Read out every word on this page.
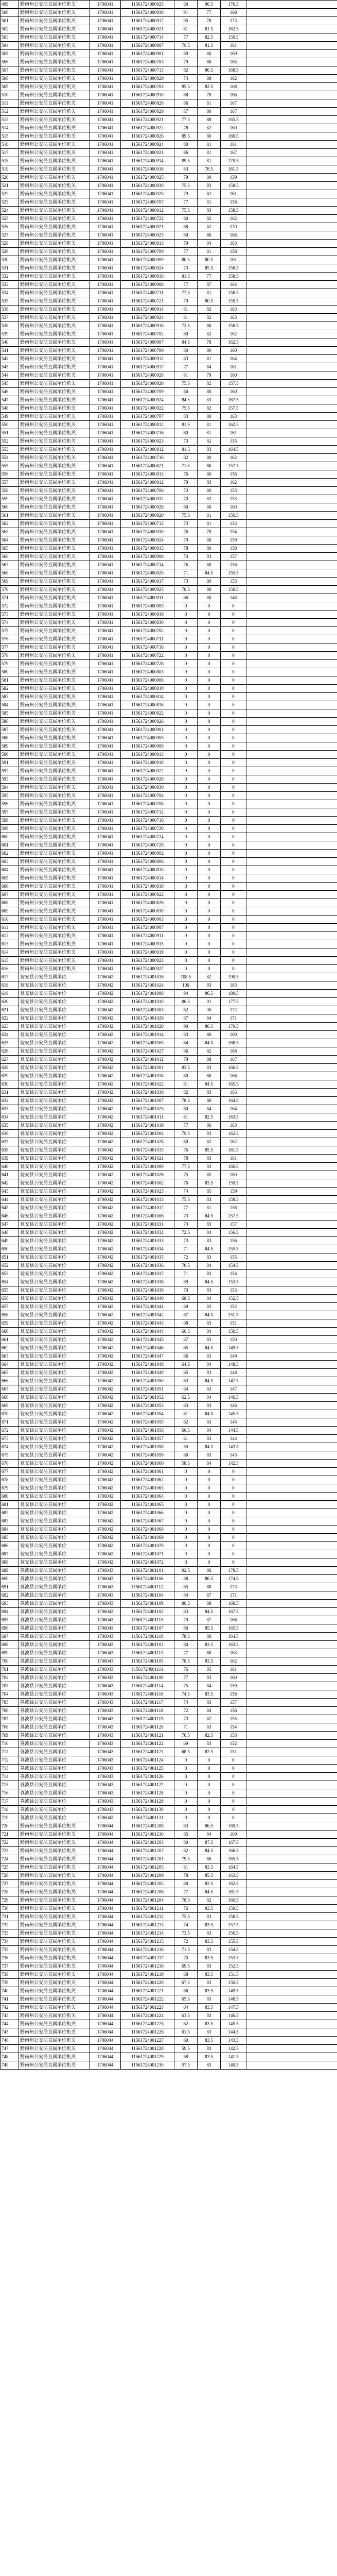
499	黔南州公安局直属单位机关	1706041	11561724000925	80	96.5	176.5	
500	黔南州公安局直属单位机关	1706041	11561724000938	91	77	168	
501	黔南州公安局直属单位机关	1706041	11561724000917	95	78	173	
502	黔南州公安局直属单位机关	1706041	11561724000921	81	81.5	162.5	
503	黔南州公安局直属单位机关	1706041	11561724000714	77	82.5	159.5	
504	黔南州公安局直属单位机关	1706041	11561724000907	79.5	81.5	161	
505	黔南州公安局直属单位机关	1706041	11561724000901	89	80	169	
506	黔南州公安局直属单位机关	1706041	11561724000703	79	86	165	
507	黔南州公安局直属单位机关	1706041	11561724000713	82	86.5	168.5	
508	黔南州公安局直属单位机关	1706041	11561724000829	74	88	162	
509	黔南州公安局直属单位机关	1706041	11561724000703	85.5	82.5	168	
510	黔南州公安局直属单位机关	1706041	11561724000910	88	78	166	
511	黔南州公安局直属单位机关	1706041	11561724000828	86	81	167	
512	黔南州公安局直属单位机关	1706041	11561724000829	87	80	167	
513	黔南州公安局直属单位机关	1706041	11561724000921	77.5	88	165.5	
514	黔南州公安局直属单位机关	1706041	11561724000922	78	82	160	
515	黔南州公安局直属单位机关	1706041	11561724000826	89.5	80	169.5	
516	黔南州公安局直属单位机关	1706041	11561724000924	80	81	161	
517	黔南州公安局直属单位机关	1706041	11561724000921	86	81	167	
518	黔南州公安局直属单位机关	1706041	11561724000914	89.5	81	170.5	
519	黔南州公安局直属单位机关	1706041	11561724000918	83	78.5	161.5	
520	黔南州公安局直属单位机关	1706041	11561724000825	79	80	159	
521	黔南州公安局直属单位机关	1706041	11561724000930	75.5	83	158.5	
522	黔南州公安局直属单位机关	1706041	11561724000920	79	82	161	
523	黔南州公安局直属单位机关	1706041	11561724000707	77	81	158	
524	黔南州公安局直属单位机关	1706041	11561724000912	75.5	83	158.5	
525	黔南州公安局直属单位机关	1706041	11561724000722	80	82	162	
526	黔南州公安局直属单位机关	1706041	11561724000921	88	82	170	
527	黔南州公安局直属单位机关	1706041	11561724000923	80	86	166	
528	黔南州公安局直属单位机关	1706041	11561724000913	79	84	163	
529	黔南州公安局直属单位机关	1706041	11561724000709	77	81	158	
530	黔南州公安局直属单位机关	1706041	11561724000909	80.5	80.5	161	
531	黔南州公安局直属单位机关	1706041	11561724000924	73	85.5	158.5	
532	黔南州公安局直属单位机关	1706041	11561724000916	81.5	77	158.5	
533	黔南州公安局直属单位机关	1706041	11561724000908	77	87	164	
534	黔南州公安局直属单位机关	1706041	11561724000711	77.5	81	158.5	
535	黔南州公安局直属单位机关	1706041	11561724000721	79	80.5	159.5	
536	黔南州公安局直属单位机关	1706041	11561724000914	81	82	163	
537	黔南州公安局直属单位机关	1706041	11561724000924	81	82	163	
538	黔南州公安局直属单位机关	1706041	11561724000916	72.5	86	158.5	
539	黔南州公安局直属单位机关	1706041	11561724000702	80	82	162	
540	黔南州公安局直属单位机关	1706041	11561724000907	84.5	78	162.5	
541	黔南州公安局直属单位机关	1706041	11561724000709	80	80	160	
542	黔南州公安局直属单位机关	1706041	11561724000912	83	81	164	
543	黔南州公安局直属单位机关	1706041	11561724000917	77	84	161	
544	黔南州公安局直属单位机关	1706041	11561724000928	81	79	160	
545	黔南州公安局直属单位机关	1706041	11561724000920	75.5	82	157.5	
546	黔南州公安局直属单位机关	1706041	11561724000709	80	80	160	
547	黔南州公安局直属单位机关	1706041	11561724000924	84.5	83	167.5	
548	黔南州公安局直属单位机关	1706041	11561724000922	75.5	82	157.5	
549	黔南州公安局直属单位机关	1706041	11561724000707	83	80	163	
550	黔南州公安局直属单位机关	1706041	11561724000812	81.5	81	162.5	
551	黔南州公安局直属单位机关	1706041	11561724000716	80	81	161	
552	黔南州公安局直属单位机关	1706041	11561724000923	73	82	155	
553	黔南州公安局直属单位机关	1706041	11561724000812	81.5	83	164.5	
554	黔南州公安局直属单位机关	1706041	11561724000716	82	80	162	
555	黔南州公安局直属单位机关	1706041	11561724000821	71.5	86	157.5	
556	黔南州公安局直属单位机关	1706041	11561724000813	76	80	156	
557	黔南州公安局直属单位机关	1706041	11561724000912	79	83	162	
558	黔南州公安局直属单位机关	1706041	11561724000706	73	80	153	
559	黔南州公安局直属单位机关	1706041	11561724000932	70	83	153	
560	黔南州公安局直属单位机关	1706041	11561724000926	80	80	160	
561	黔南州公安局直属单位机关	1706041	11561724000920	75.5	81	156.5	
562	黔南州公安局直属单位机关	1706041	11561724000712	73	81	154	
563	黔南州公安局直属单位机关	1706041	11561724000930	76	78	154	
564	黔南州公安局直属单位机关	1706041	11561724000924	79	80	159	
565	黔南州公安局直属单位机关	1706041	11561724000915	78	80	158	
566	黔南州公安局直属单位机关	1706041	11561724000908	74	83	157	
567	黔南州公安局直属单位机关	1706041	11561724000714	76	80	156	
568	黔南州公安局直属单位机关	1706041	11561724000820	71	84.5	155.5	
569	黔南州公安局直属单位机关	1706041	11561724000817	73	80	153	
570	黔南州公安局直属单位机关	1706041	11561724000925	70.5	80	150.5	
571	黔南州公安局直属单位机关	1706041	11561724000911	66	80	146	
572	黔南州公安局直属单位机关	1706041	11561724000905	0	0	0	
573	黔南州公安局直属单位机关	1706041	11561724000819	0	0	0	
574	黔南州公安局直属单位机关	1706041	11561724000830	0	0	0	
575	黔南州公安局直属单位机关	1706041	11561724000702	0	0	0	
576	黔南州公安局直属单位机关	1706041	11561724000711	0	0	0	
577	黔南州公安局直属单位机关	1706041	11561724000716	0	0	0	
578	黔南州公安局直属单位机关	1706041	11561724000722	0	0	0	
579	黔南州公安局直属单位机关	1706041	11561724000728	0	0	0	
580	黔南州公安局直属单位机关	1706041	11561724000803	0	0	0	
581	黔南州公安局直属单位机关	1706041	11561724000808	0	0	0	
582	黔南州公安局直属单位机关	1706041	11561724000810	0	0	0	
583	黔南州公安局直属单位机关	1706041	11561724000814	0	0	0	
584	黔南州公安局直属单位机关	1706041	11561724000818	0	0	0	
585	黔南州公安局直属单位机关	1706041	11561724000822	0	0	0	
586	黔南州公安局直属单位机关	1706041	11561724000826	0	0	0	
587	黔南州公安局直属单位机关	1706041	11561724000901	0	0	0	
588	黔南州公安局直属单位机关	1706041	11561724000905	0	0	0	
589	黔南州公安局直属单位机关	1706041	11561724000909	0	0	0	
590	黔南州公安局直属单位机关	1706041	11561724000913	0	0	0	
591	黔南州公安局直属单位机关	1706041	11561724000918	0	0	0	
592	黔南州公安局直属单位机关	1706041	11561724000922	0	0	0	
593	黔南州公安局直属单位机关	1706041	11561724000926	0	0	0	
594	黔南州公安局直属单位机关	1706041	11561724000930	0	0	0	
595	黔南州公安局直属单位机关	1706041	11561724000704	0	0	0	
596	黔南州公安局直属单位机关	1706041	11561724000708	0	0	0	
597	黔南州公安局直属单位机关	1706041	11561724000712	0	0	0	
598	黔南州公安局直属单位机关	1706041	11561724000716	0	0	0	
599	黔南州公安局直属单位机关	1706041	11561724000720	0	0	0	
600	黔南州公安局直属单位机关	1706041	11561724000724	0	0	0	
601	黔南州公安局直属单位机关	1706041	11561724000728	0	0	0	
602	黔南州公安局直属单位机关	1706041	11561724000802	0	0	0	
603	黔南州公安局直属单位机关	1706041	11561724000806	0	0	0	
604	黔南州公安局直属单位机关	1706041	11561724000810	0	0	0	
605	黔南州公安局直属单位机关	1706041	11561724000814	0	0	0	
606	黔南州公安局直属单位机关	1706041	11561724000818	0	0	0	
607	黔南州公安局直属单位机关	1706041	11561724000822	0	0	0	
608	黔南州公安局直属单位机关	1706041	11561724000826	0	0	0	
609	黔南州公安局直属单位机关	1706041	11561724000830	0	0	0	
610	黔南州公安局直属单位机关	1706041	11561724000903	0	0	0	
611	黔南州公安局直属单位机关	1706041	11561724000907	0	0	0	
612	黔南州公安局直属单位机关	1706041	11561724000911	0	0	0	
613	黔南州公安局直属单位机关	1706041	11561724000915	0	0	0	
614	黔南州公安局直属单位机关	1706041	11561724000919	0	0	0	
615	黔南州公安局直属单位机关	1706041	11561724000923	0	0	0	
616	黔南州公安局直属单位机关	1706041	11561724000927	0	0	0	
617	瓮安县公安局直属单位	1706042	11561724001016	108.5	82	190.5	
618	瓮安县公安局直属单位	1706042	11561724001024	100	83	183	
619	瓮安县公安局直属单位	1706042	11561724001008	94	86.5	180.5	
620	瓮安县公安局直属单位	1706042	11561724001010	86.5	91	177.5	
621	瓮安县公安局直属单位	1706042	11561724001003	82	90	172	
622	瓮安县公安局直属单位	1706042	11561724001029	87	84	171	
623	瓮安县公安局直属单位	1706042	11561724001020	90	80.5	170.5	
624	瓮安县公安局直属单位	1706042	11561724001014	83	86	169	
625	瓮安县公安局直属单位	1706042	11561724001005	84	84.5	168.5	
626	瓮安县公安局直属单位	1706042	11561724001027	86	82	168	
627	瓮安县公安局直属单位	1706042	11561724001012	79	88	167	
628	瓮安县公安局直属单位	1706042	11561724001001	83.5	83	166.5	
629	瓮安县公安局直属单位	1706042	11561724001018	80	86	166	
630	瓮安县公安局直属单位	1706042	11561724001022	81	84.5	165.5	
631	瓮安县公安局直属单位	1706042	11561724001030	82	83	165	
632	瓮安县公安局直属单位	1706042	11561724001007	78.5	86	164.5	
633	瓮安县公安局直属单位	1706042	11561724001025	80	84	164	
634	瓮安县公安局直属单位	1706042	11561724001011	81	82.5	163.5	
635	瓮安县公安局直属单位	1706042	11561724001019	77	86	163	
636	瓮安县公安局直属单位	1706042	11561724001004	79.5	83	162.5	
637	瓮安县公安局直属单位	1706042	11561724001028	80	82	162	
638	瓮安县公安局直属单位	1706042	11561724001015	76	85.5	161.5	
639	瓮安县公安局直属单位	1706042	11561724001021	78	83	161	
640	瓮安县公安局直属单位	1706042	11561724001009	77.5	83	160.5	
641	瓮安县公安局直属单位	1706042	11561724001026	75	85	160	
642	瓮安县公安局直属单位	1706042	11561724001002	76	83.5	159.5	
643	瓮安县公安局直属单位	1706042	11561724001023	74	85	159	
644	瓮安县公安局直属单位	1706042	11561724001013	75.5	83	158.5	
645	瓮安县公安局直属单位	1706042	11561724001017	77	81	158	
646	瓮安县公安局直属单位	1706042	11561724001006	73	84.5	157.5	
647	瓮安县公安局直属单位	1706042	11561724001031	74	83	157	
648	瓮安县公安局直属单位	1706042	11561724001032	72.5	84	156.5	
649	瓮安县公安局直属单位	1706042	11561724001033	73	83	156	
650	瓮安县公安局直属单位	1706042	11561724001034	71	84.5	155.5	
651	瓮安县公安局直属单位	1706042	11561724001035	72	83	155	
652	瓮安县公安局直属单位	1706042	11561724001036	70.5	84	154.5	
653	瓮安县公安局直属单位	1706042	11561724001037	71	83	154	
654	瓮安县公安局直属单位	1706042	11561724001038	69	84.5	153.5	
655	瓮安县公安局直属单位	1706042	11561724001039	70	83	153	
656	瓮安县公安局直属单位	1706042	11561724001040	68.5	84	152.5	
657	瓮安县公安局直属单位	1706042	11561724001041	69	83	152	
658	瓮安县公安局直属单位	1706042	11561724001042	67	84.5	151.5	
659	瓮安县公安局直属单位	1706042	11561724001043	68	83	151	
660	瓮安县公安局直属单位	1706042	11561724001044	66.5	84	150.5	
661	瓮安县公安局直属单位	1706042	11561724001045	67	83	150	
662	瓮安县公安局直属单位	1706042	11561724001046	65	84.5	149.5	
663	瓮安县公安局直属单位	1706042	11561724001047	66	83	149	
664	瓮安县公安局直属单位	1706042	11561724001048	64.5	84	148.5	
665	瓮安县公安局直属单位	1706042	11561724001049	65	83	148	
666	瓮安县公安局直属单位	1706042	11561724001050	63	84.5	147.5	
667	瓮安县公安局直属单位	1706042	11561724001051	64	83	147	
668	瓮安县公安局直属单位	1706042	11561724001052	62.5	84	146.5	
669	瓮安县公安局直属单位	1706042	11561724001053	63	83	146	
670	瓮安县公安局直属单位	1706042	11561724001054	61	84.5	145.5	
671	瓮安县公安局直属单位	1706042	11561724001055	62	83	145	
672	瓮安县公安局直属单位	1706042	11561724001056	60.5	84	144.5	
673	瓮安县公安局直属单位	1706042	11561724001057	61	83	144	
674	瓮安县公安局直属单位	1706042	11561724001058	59	84.5	143.5	
675	瓮安县公安局直属单位	1706042	11561724001059	60	83	143	
676	瓮安县公安局直属单位	1706042	11561724001060	58.5	84	142.5	
677	瓮安县公安局直属单位	1706042	11561724001061	0	0	0	
678	瓮安县公安局直属单位	1706042	11561724001062	0	0	0	
679	瓮安县公安局直属单位	1706042	11561724001063	0	0	0	
680	瓮安县公安局直属单位	1706042	11561724001064	0	0	0	
681	瓮安县公安局直属单位	1706042	11561724001065	0	0	0	
682	瓮安县公安局直属单位	1706042	11561724001066	0	0	0	
683	瓮安县公安局直属单位	1706042	11561724001067	0	0	0	
684	瓮安县公安局直属单位	1706042	11561724001068	0	0	0	
685	瓮安县公安局直属单位	1706042	11561724001069	0	0	0	
686	瓮安县公安局直属单位	1706042	11561724001070	0	0	0	
687	瓮安县公安局直属单位	1706042	11561724001071	0	0	0	
688	瓮安县公安局直属单位	1706042	11561724001072	0	0	0	
689	荔波县公安局直属单位	1706043	11561724001101	92.5	86	178.5	
690	荔波县公安局直属单位	1706043	11561724001106	88	86.5	174.5	
691	荔波县公安局直属单位	1706043	11561724001112	85	88	173	
692	荔波县公安局直属单位	1706043	11561724001104	84	87	171	
693	荔波县公安局直属单位	1706043	11561724001109	80.5	88	168.5	
694	荔波县公安局直属单位	1706043	11561724001102	83	84.5	167.5	
695	荔波县公安局直属单位	1706043	11561724001115	79	87	166	
696	荔波县公安局直属单位	1706043	11561724001107	80	85.5	165.5	
697	荔波县公安局直属单位	1706043	11561724001110	78.5	86	164.5	
698	荔波县公安局直属单位	1706043	11561724001103	80	83.5	163.5	
699	荔波县公安局直属单位	1706043	11561724001113	77	86	163	
700	荔波县公安局直属单位	1706043	11561724001105	78.5	83.5	162	
701	荔波县公安局直属单位	1706043	11561724001111	76	85	161	
702	荔波县公安局直属单位	1706043	11561724001108	77	83	160	
703	荔波县公安局直属单位	1706043	11561724001114	75	84	159	
704	荔波县公安局直属单位	1706043	11561724001116	74.5	83.5	158	
705	荔波县公安局直属单位	1706043	11561724001117	74	83	157	
706	荔波县公安局直属单位	1706043	11561724001118	72	84	156	
707	荔波县公安局直属单位	1706043	11561724001119	73	82	155	
708	荔波县公安局直属单位	1706043	11561724001120	71	83	154	
709	荔波县公安局直属单位	1706043	11561724001121	70.5	82.5	153	
710	荔波县公安局直属单位	1706043	11561724001122	69	83	152	
711	荔波县公安局直属单位	1706043	11561724001123	68.5	82.5	151	
712	荔波县公安局直属单位	1706043	11561724001124	0	0	0	
713	荔波县公安局直属单位	1706043	11561724001125	0	0	0	
714	荔波县公安局直属单位	1706043	11561724001126	0	0	0	
715	荔波县公安局直属单位	1706043	11561724001127	0	0	0	
716	荔波县公安局直属单位	1706043	11561724001128	0	0	0	
717	荔波县公安局直属单位	1706043	11561724001129	0	0	0	
718	荔波县公安局直属单位	1706043	11561724001130	0	0	0	
719	荔波县公安局直属单位	1706043	11561724001131	0	0	0	
720	黔南州公安局直属单位机关	1706044	11561724001208	83	86.5	169.5	
721	黔南州公安局直属单位机关	1706044	11561724001210	85	84	169	
722	黔南州公安局直属单位机关	1706044	11561724001203	80	87.5	167.5	
723	黔南州公安局直属单位机关	1706044	11561724001207	82	84.5	166.5	
724	黔南州公安局直属单位机关	1706044	11561724001201	79.5	86	165.5	
725	黔南州公安局直属单位机关	1706044	11561724001205	81	83.5	164.5	
726	黔南州公安局直属单位机关	1706044	11561724001209	78	85.5	163.5	
727	黔南州公安局直属单位机关	1706044	11561724001202	80	82.5	162.5	
728	黔南州公安局直属单位机关	1706044	11561724001206	77	84.5	161.5	
729	黔南州公安局直属单位机关	1706044	11561724001204	78.5	82	160.5	
730	黔南州公安局直属单位机关	1706044	11561724001211	76	83.5	159.5	
731	黔南州公安局直属单位机关	1706044	11561724001212	75.5	83	158.5	
732	黔南州公安局直属单位机关	1706044	11561724001213	74	83.5	157.5	
733	黔南州公安局直属单位机关	1706044	11561724001214	73.5	83	156.5	
734	黔南州公安局直属单位机关	1706044	11561724001215	72	83.5	155.5	
735	黔南州公安局直属单位机关	1706044	11561724001216	71.5	83	154.5	
736	黔南州公安局直属单位机关	1706044	11561724001217	70	83.5	153.5	
737	黔南州公安局直属单位机关	1706044	11561724001218	69.5	83	152.5	
738	黔南州公安局直属单位机关	1706044	11561724001219	68	83.5	151.5	
739	黔南州公安局直属单位机关	1706044	11561724001220	67.5	83	150.5	
740	黔南州公安局直属单位机关	1706044	11561724001221	66	83.5	149.5	
741	黔南州公安局直属单位机关	1706044	11561724001222	65.5	83	148.5	
742	黔南州公安局直属单位机关	1706044	11561724001223	64	83.5	147.5	
743	黔南州公安局直属单位机关	1706044	11561724001224	63.5	83	146.5	
744	黔南州公安局直属单位机关	1706044	11561724001225	62	83.5	145.5	
745	黔南州公安局直属单位机关	1706044	11561724001226	61.5	83	144.5	
746	黔南州公安局直属单位机关	1706044	11561724001227	60	83.5	143.5	
747	黔南州公安局直属单位机关	1706044	11561724001228	59.5	83	142.5	
748	黔南州公安局直属单位机关	1706044	11561724001229	58	83.5	141.5	
749	黔南州公安局直属单位机关	1706044	11561724001230	57.5	83	140.5	
